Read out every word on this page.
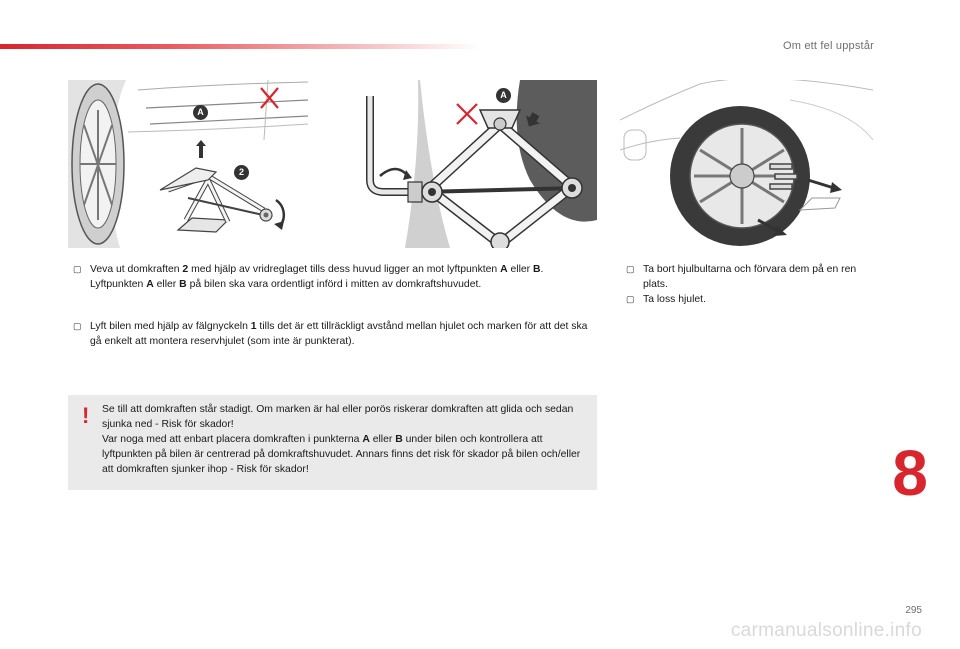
Om ett fel uppstår
A
2
A
▢ Veva ut domkraften 2 med hjälp av vridreglaget tills dess huvud ligger an mot lyftpunkten A eller B. Lyftpunkten A eller B på bilen ska vara ordentligt införd i mitten av domkraftshuvudet.
▢ Lyft bilen med hjälp av fälgnyckeln 1 tills det är ett tillräckligt avstånd mellan hjulet och marken för att det ska gå enkelt att montera reservhjulet (som inte är punkterat).
▢ Ta bort hjulbultarna och förvara dem på en ren plats.
▢ Ta loss hjulet.
! Se till att domkraften står stadigt. Om marken är hal eller porös riskerar domkraften att glida och sedan sjunka ned - Risk för skador!
Var noga med att enbart placera domkraften i punkterna A eller B under bilen och kontrollera att lyftpunkten på bilen är centrerad på domkraftshuvudet. Annars finns det risk för skador på bilen och/eller att domkraften sjunker ihop - Risk för skador!	8
295
carmanualsonline.info
